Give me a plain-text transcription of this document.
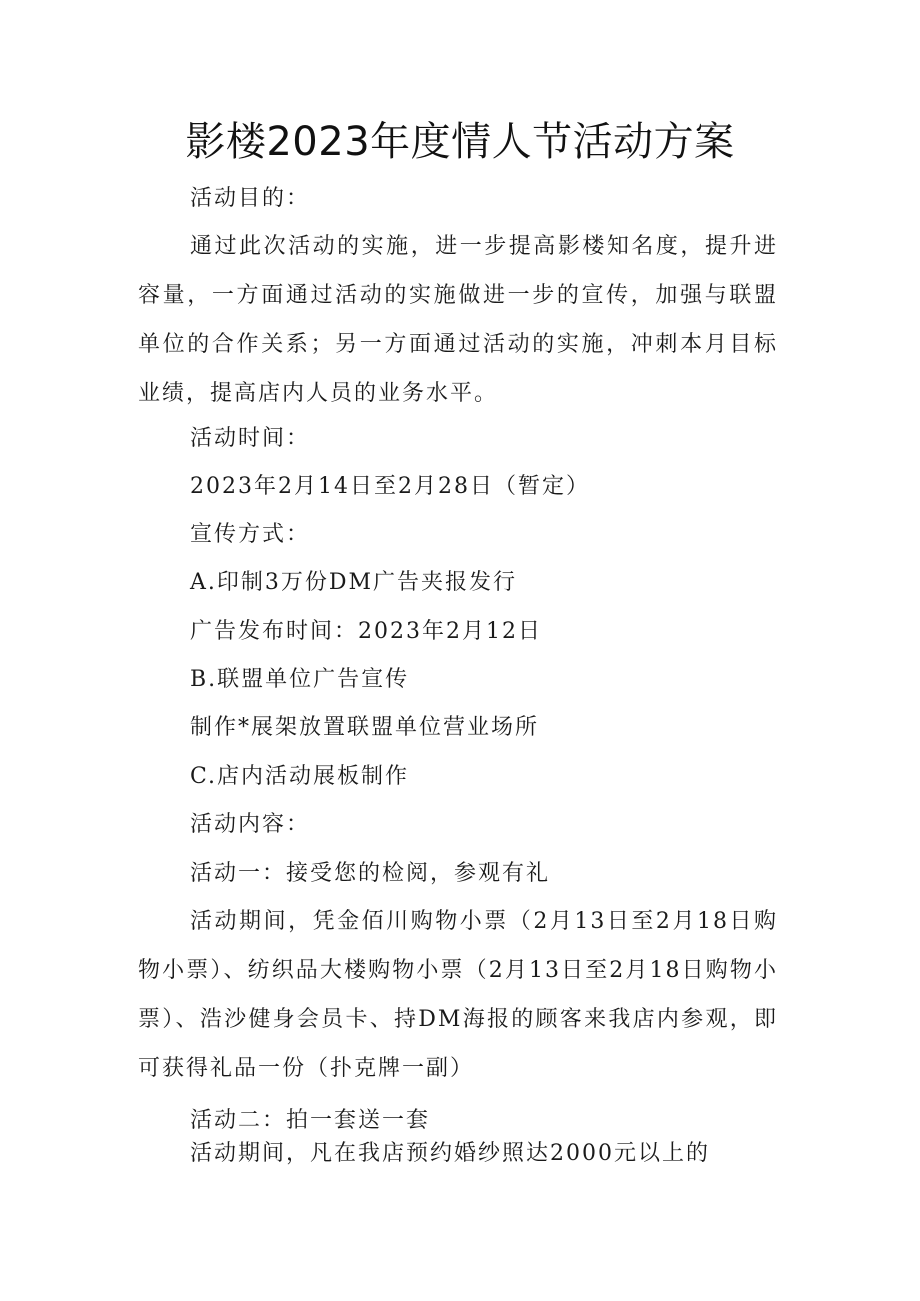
影楼2023年度情人节活动方案
活动目的：
通过此次活动的实施，进一步提高影楼知名度，提升进容量，一方面通过活动的实施做进一步的宣传，加强与联盟单位的合作关系；另一方面通过活动的实施，冲刺本月目标业绩，提高店内人员的业务水平。
活动时间：
2023年2月14日至2月28日（暂定）
宣传方式：
A.印制3万份DM广告夹报发行
广告发布时间：2023年2月12日
B.联盟单位广告宣传
制作*展架放置联盟单位营业场所
C.店内活动展板制作
活动内容：
活动一：接受您的检阅，参观有礼
活动期间，凭金佰川购物小票（2月13日至2月18日购物小票）、纺织品大楼购物小票（2月13日至2月18日购物小票）、浩沙健身会员卡、持DM海报的顾客来我店内参观，即可获得礼品一份（扑克牌一副）
活动二：拍一套送一套
活动期间，凡在我店预约婚纱照达2000元以上的
